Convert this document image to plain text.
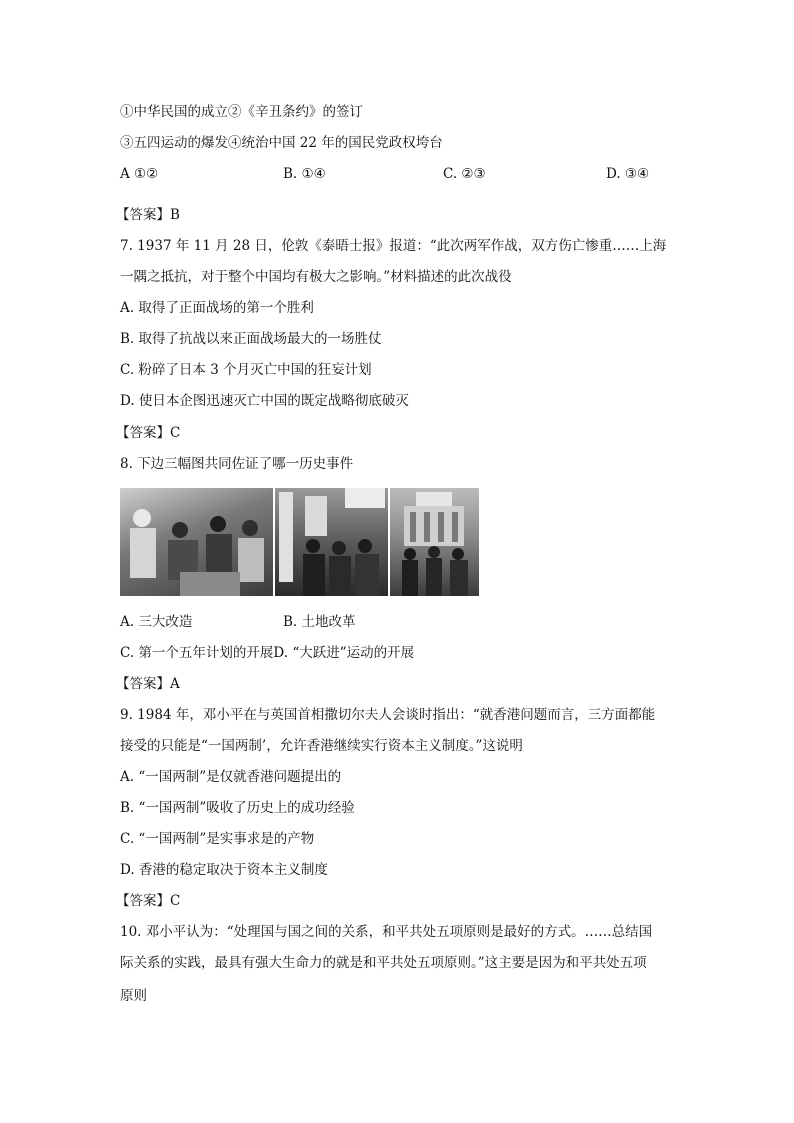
①中华民国的成立②《辛丑条约》的签订
③五四运动的爆发④统治中国 22 年的国民党政权垮台
A ①②	B. ①④	C. ②③	D. ③④
【答案】B
7. 1937 年 11 月 28 日，伦敦《泰晤士报》报道：“此次两军作战，双方伤亡惨重……上海
一隅之抵抗，对于整个中国均有极大之影响。”材料描述的此次战役
A. 取得了正面战场的第一个胜利
B. 取得了抗战以来正面战场最大的一场胜仗
C. 粉碎了日本 3 个月灭亡中国的狂妄计划
D. 使日本企图迅速灭亡中国的既定战略彻底破灭
【答案】C
8. 下边三幅图共同佐证了哪一历史事件
A. 三大改造	B. 土地改革
C. 第一个五年计划的开展D. “大跃进”运动的开展
【答案】A
9. 1984 年，邓小平在与英国首相撒切尔夫人会谈时指出：“就香港问题而言，三方面都能
接受的只能是“一国两制’，允许香港继续实行资本主义制度。”这说明
A. “一国两制”是仅就香港问题提出的
B. “一国两制”吸收了历史上的成功经验
C. “一国两制”是实事求是的产物
D. 香港的稳定取决于资本主义制度
【答案】C
10. 邓小平认为：“处理国与国之间的关系，和平共处五项原则是最好的方式。……总结国
际关系的实践，最具有强大生命力的就是和平共处五项原则。”这主要是因为和平共处五项
原则
